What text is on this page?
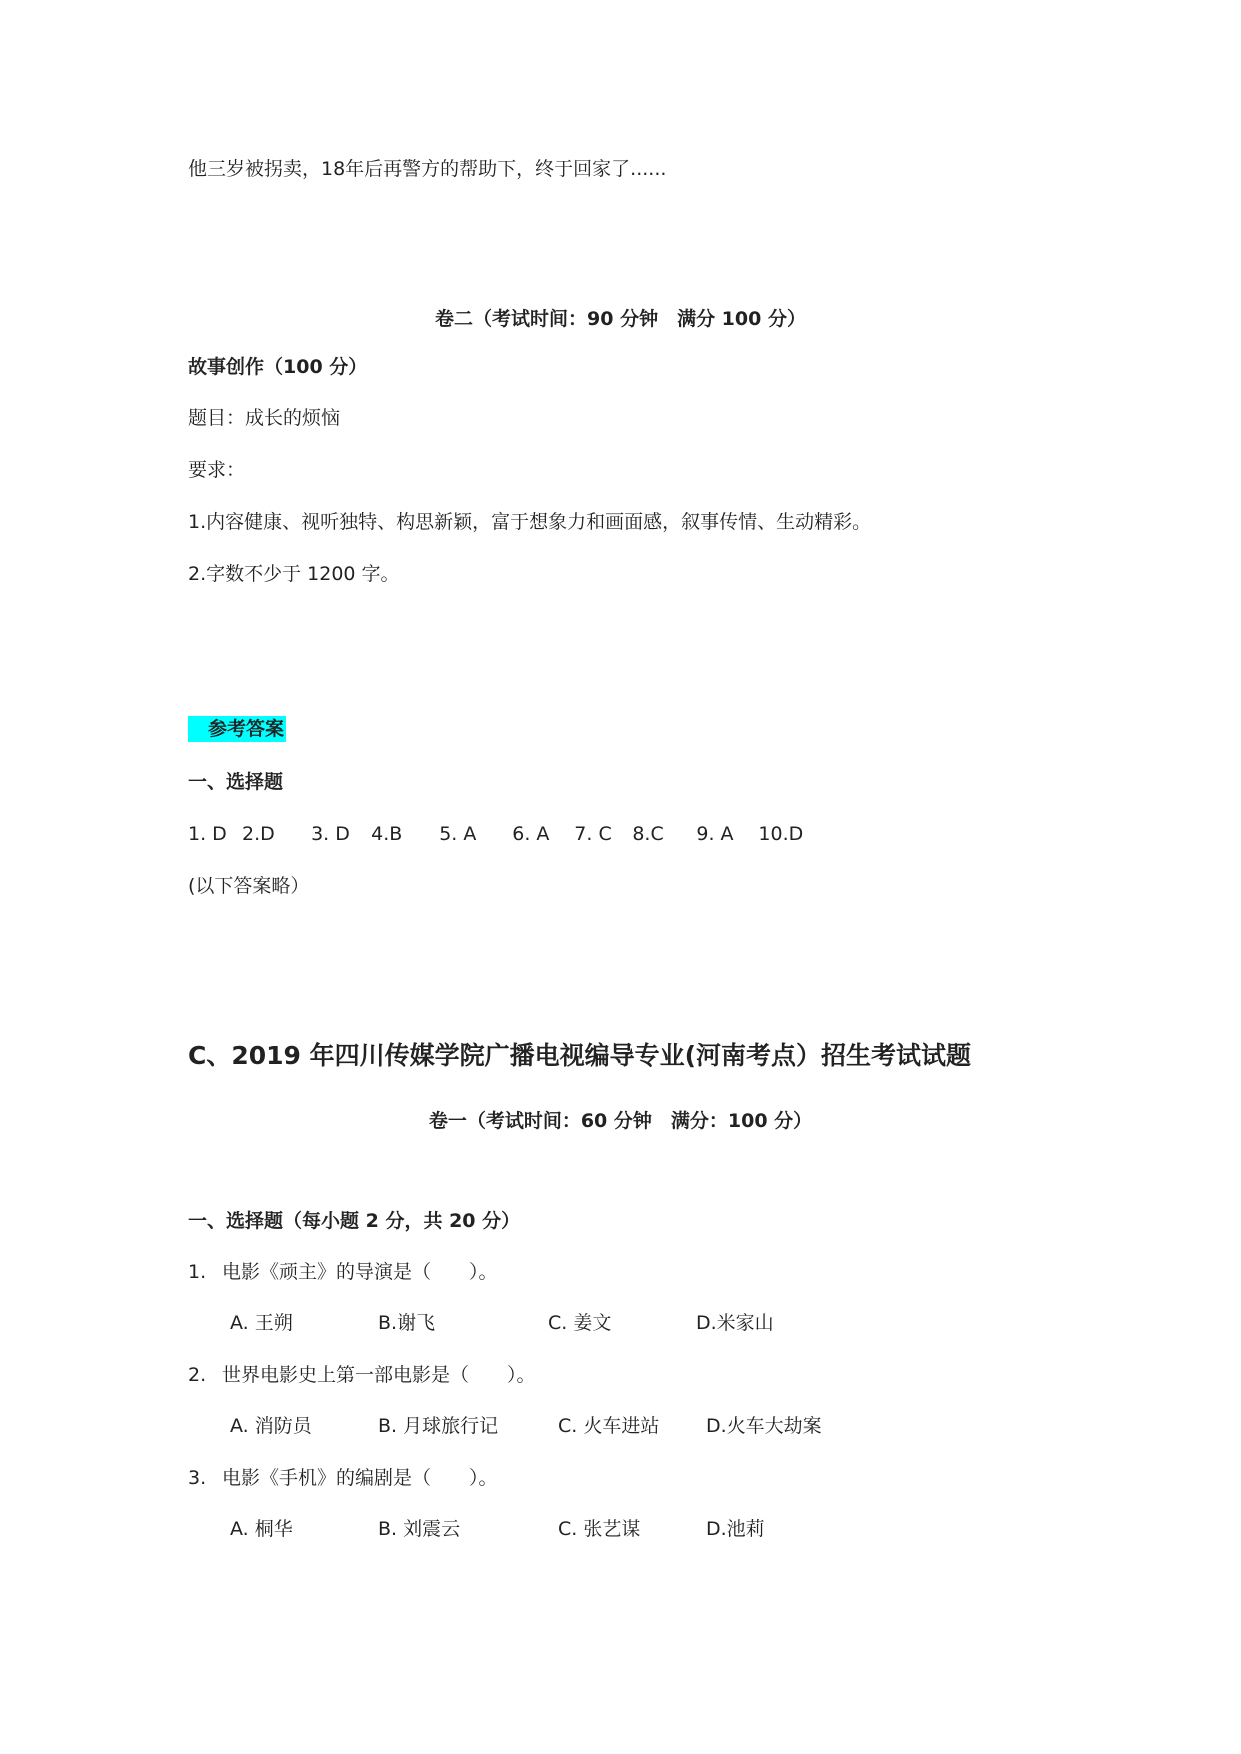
他三岁被拐卖，18年后再警方的帮助下，终于回家了......
卷二（考试时间：90 分钟　满分 100 分）
故事创作（100 分）
题目：成长的烦恼
要求：
1.内容健康、视听独特、构思新颖，富于想象力和画面感，叙事传情、生动精彩。
2.字数不少于 1200 字。
参考答案
一、选择题
1. D 2.D 3. D 4.B 5. A 6. A 7. C 8.C 9. A 10.D
(以下答案略）
C、2019 年四川传媒学院广播电视编导专业(河南考点）招生考试试题
卷一（考试时间：60 分钟　满分：100 分）
一、选择题（每小题 2 分，共 20 分）
1. 电影《顽主》的导演是（　　）。
A. 王朔	B.谢飞	C. 姜文	D.米家山
2. 世界电影史上第一部电影是（　　）。
A. 消防员	B. 月球旅行记	C. 火车进站 D.火车大劫案
3. 电影《手机》的编剧是（　　）。
A. 桐华	B. 刘震云	C. 张艺谋	D.池莉
